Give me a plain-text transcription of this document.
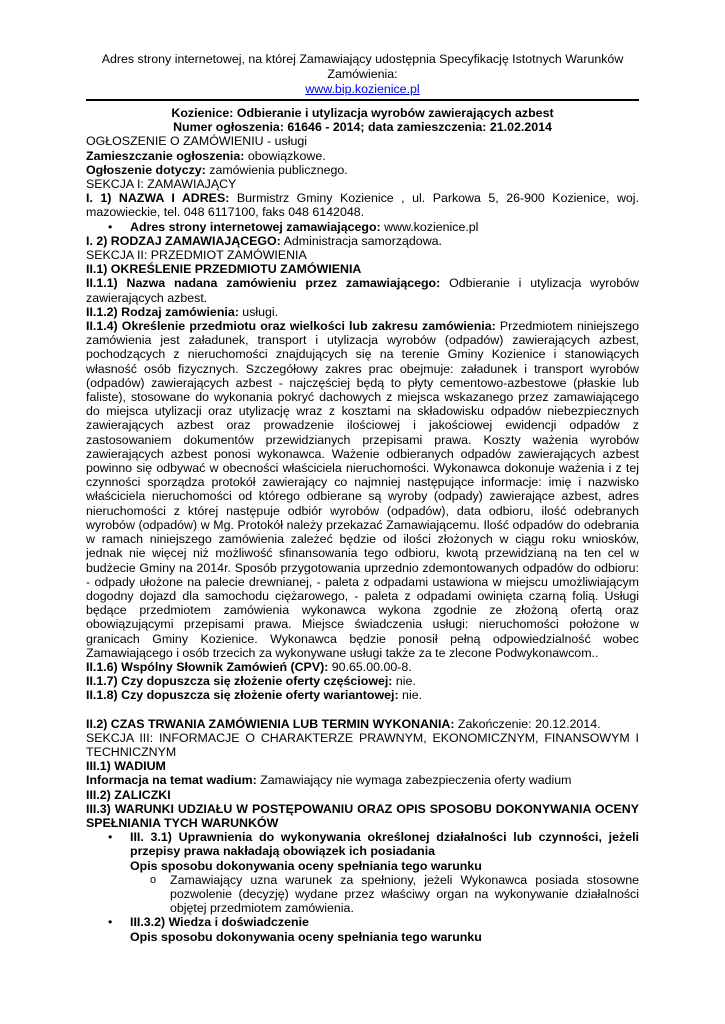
Adres strony internetowej, na której Zamawiający udostępnia Specyfikację Istotnych Warunków Zamówienia:
www.bip.kozienice.pl

Kozienice: Odbieranie i utylizacja wyrobów zawierających azbest

Numer ogłoszenia: 61646 - 2014; data zamieszczenia: 21.02.2014

OGŁOSZENIE O ZAMÓWIENIU - usługi

Zamieszczanie ogłoszenia: obowiązkowe.

Ogłoszenie dotyczy: zamówienia publicznego.

SEKCJA I: ZAMAWIAJĄCY

I. 1) NAZWA I ADRES: Burmistrz Gminy Kozienice , ul. Parkowa 5, 26-900 Kozienice, woj. mazowieckie, tel. 048 6117100, faks 048 6142048.

• Adres strony internetowej zamawiającego: www.kozienice.pl

I. 2) RODZAJ ZAMAWIAJĄCEGO: Administracja samorządowa.

SEKCJA II: PRZEDMIOT ZAMÓWIENIA

II.1) OKREŚLENIE PRZEDMIOTU ZAMÓWIENIA

II.1.1) Nazwa nadana zamówieniu przez zamawiającego: Odbieranie i utylizacja wyrobów zawierających azbest.

II.1.2) Rodzaj zamówienia: usługi.

II.1.4) Określenie przedmiotu oraz wielkości lub zakresu zamówienia: Przedmiotem niniejszego zamówienia jest załadunek, transport i utylizacja wyrobów (odpadów) zawierających azbest, pochodzących z nieruchomości znajdujących się na terenie Gminy Kozienice i stanowiących własność osób fizycznych. Szczegółowy zakres prac obejmuje: załadunek i transport wyrobów (odpadów) zawierających azbest - najczęściej będą to płyty cementowo-azbestowe (płaskie lub faliste), stosowane do wykonania pokryć dachowych z miejsca wskazanego przez zamawiającego do miejsca utylizacji oraz utylizację wraz z kosztami na składowisku odpadów niebezpiecznych zawierających azbest oraz prowadzenie ilościowej i jakościowej ewidencji odpadów z zastosowaniem dokumentów przewidzianych przepisami prawa. Koszty ważenia wyrobów zawierających azbest ponosi wykonawca. Ważenie odbieranych odpadów zawierających azbest powinno się odbywać w obecności właściciela nieruchomości. Wykonawca dokonuje ważenia i z tej czynności sporządza protokół zawierający co najmniej następujące informacje: imię i nazwisko właściciela nieruchomości od którego odbierane są wyroby (odpady) zawierające azbest, adres nieruchomości z której następuje odbiór wyrobów (odpadów), data odbioru, ilość odebranych wyrobów (odpadów) w Mg. Protokół należy przekazać Zamawiającemu. Ilość odpadów do odebrania w ramach niniejszego zamówienia zależeć będzie od ilości złożonych w ciągu roku wniosków, jednak nie więcej niż możliwość sfinansowania tego odbioru, kwotą przewidzianą na ten cel w budżecie Gminy na 2014r. Sposób przygotowania uprzednio zdemontowanych odpadów do odbioru: - odpady ułożone na palecie drewnianej, - paleta z odpadami ustawiona w miejscu umożliwiającym dogodny dojazd dla samochodu ciężarowego, - paleta z odpadami owinięta czarną folią. Usługi będące przedmiotem zamówienia wykonawca wykona zgodnie ze złożoną ofertą oraz obowiązującymi przepisami prawa. Miejsce świadczenia usługi: nieruchomości położone w granicach Gminy Kozienice. Wykonawca będzie ponosił pełną odpowiedzialność wobec Zamawiającego i osób trzecich za wykonywane usługi także za te zlecone Podwykonawcom..

II.1.6) Wspólny Słownik Zamówień (CPV): 90.65.00.00-8.

II.1.7) Czy dopuszcza się złożenie oferty częściowej: nie.

II.1.8) Czy dopuszcza się złożenie oferty wariantowej: nie.

II.2) CZAS TRWANIA ZAMÓWIENIA LUB TERMIN WYKONANIA: Zakończenie: 20.12.2014.

SEKCJA III: INFORMACJE O CHARAKTERZE PRAWNYM, EKONOMICZNYM, FINANSOWYM I TECHNICZNYM

III.1) WADIUM

Informacja na temat wadium: Zamawiający nie wymaga zabezpieczenia oferty wadium

III.2) ZALICZKI

III.3) WARUNKI UDZIAŁU W POSTĘPOWANIU ORAZ OPIS SPOSOBU DOKONYWANIA OCENY SPEŁNIANIA TYCH WARUNKÓW

• III. 3.1) Uprawnienia do wykonywania określonej działalności lub czynności, jeżeli przepisy prawa nakładają obowiązek ich posiadania

Opis sposobu dokonywania oceny spełniania tego warunku

o Zamawiający uzna warunek za spełniony, jeżeli Wykonawca posiada stosowne pozwolenie (decyzję) wydane przez właściwy organ na wykonywanie działalności objętej przedmiotem zamówienia.

• III.3.2) Wiedza i doświadczenie

Opis sposobu dokonywania oceny spełniania tego warunku
